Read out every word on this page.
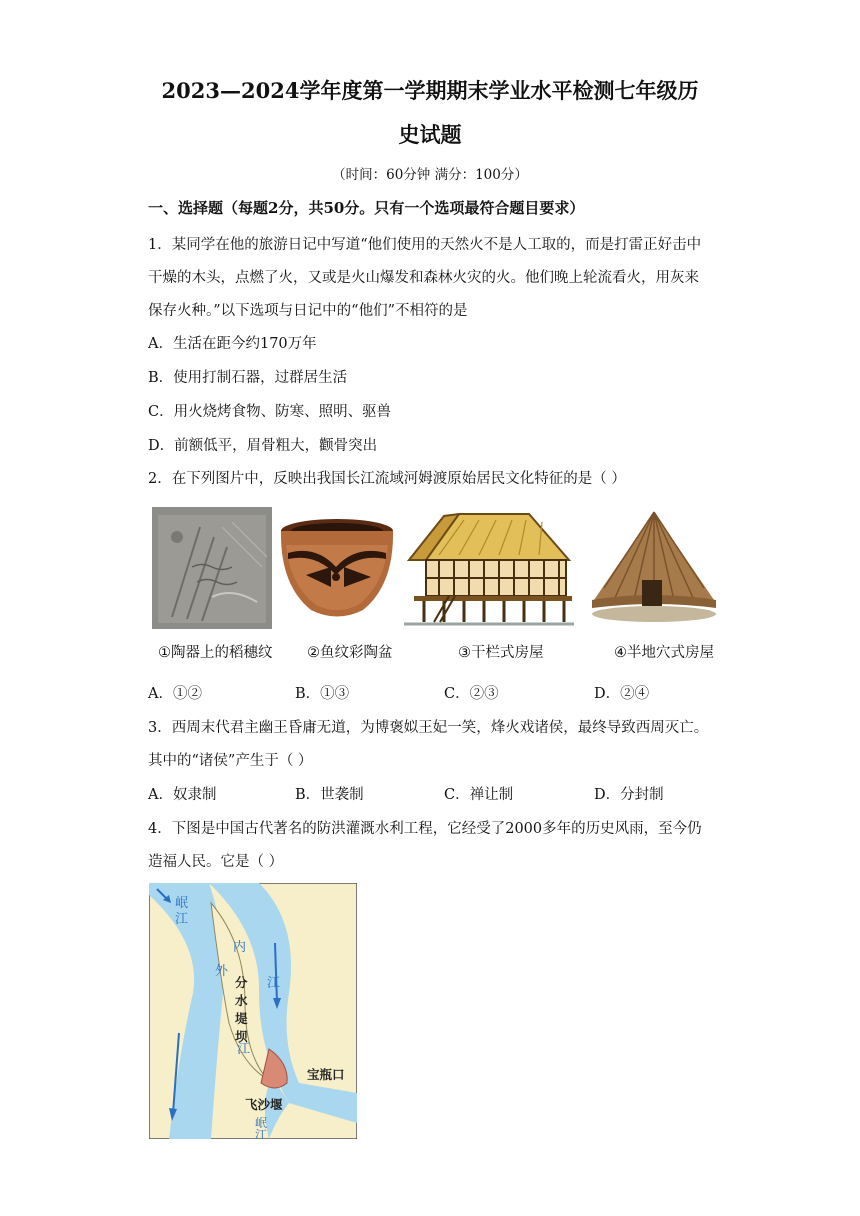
2023—2024学年度第一学期期末学业水平检测七年级历
史试题
（时间：60分钟 满分：100分）
一、选择题（每题2分，共50分。只有一个选项最符合题目要求）
1．某同学在他的旅游日记中写道“他们使用的天然火不是人工取的，而是打雷正好击中
干燥的木头，点燃了火，又或是火山爆发和森林火灾的火。他们晚上轮流看火，用灰来
保存火种。”以下选项与日记中的“他们”不相符的是
A．生活在距今约170万年
B．使用打制石器，过群居生活
C．用火烧烤食物、防寒、照明、驱兽
D．前额低平，眉骨粗大，颧骨突出
2．在下列图片中，反映出我国长江流域河姆渡原始居民文化特征的是（ ）
①陶器上的稻穗纹 ②鱼纹彩陶盆	③干栏式房屋	④半地穴式房屋
A．①②	B．①③	C．②③	D．②④
3．西周末代君主幽王昏庸无道，为博褒姒王妃一笑，烽火戏诸侯，最终导致西周灭亡。
其中的“诸侯”产生于（ ）
A．奴隶制	B．世袭制	C．禅让制	D．分封制
4．下图是中国古代著名的防洪灌溉水利工程，它经受了2000多年的历史风雨，至今仍
造福人民。它是（ ）
岷
江
内
江
外
江
分
水
堤
坝
宝瓶口
飞沙堰
岷
江
